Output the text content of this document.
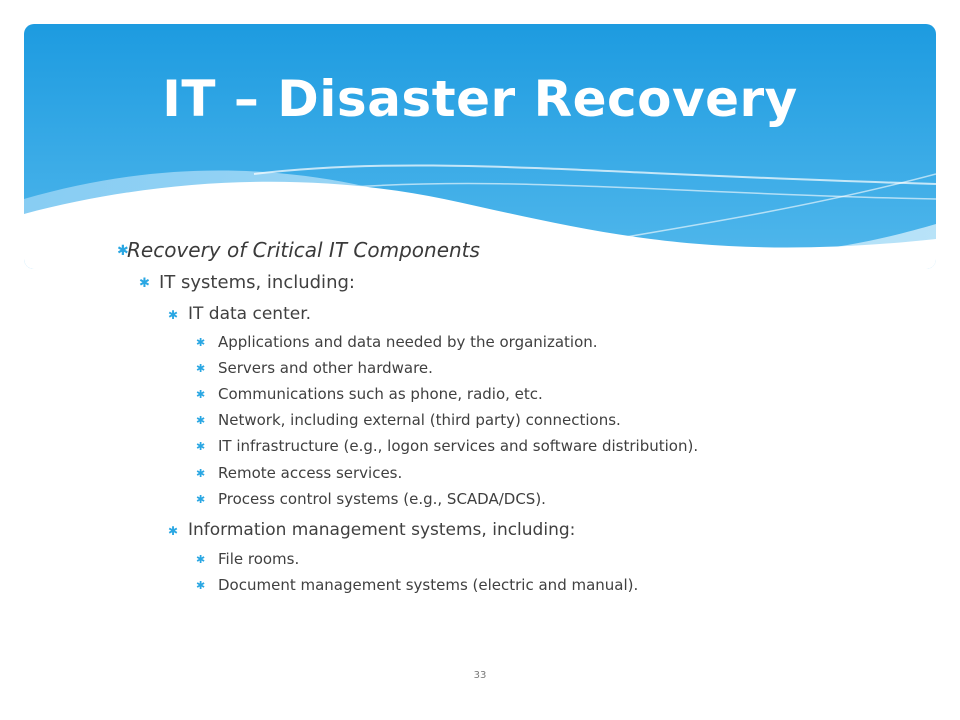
IT – Disaster Recovery
✱
Recovery of Critical IT Components
✱ IT systems, including:
✱ IT data center.
✱ Applications and data needed by the organization.
✱ Servers and other hardware.
✱ Communications such as phone, radio, etc.
✱ Network, including external (third party) connections.
✱ IT infrastructure (e.g., logon services and software distribution).
✱ Remote access services.
✱ Process control systems (e.g., SCADA/DCS).
✱ Information management systems, including:
✱ File rooms.
✱ Document management systems (electric and manual).
33
